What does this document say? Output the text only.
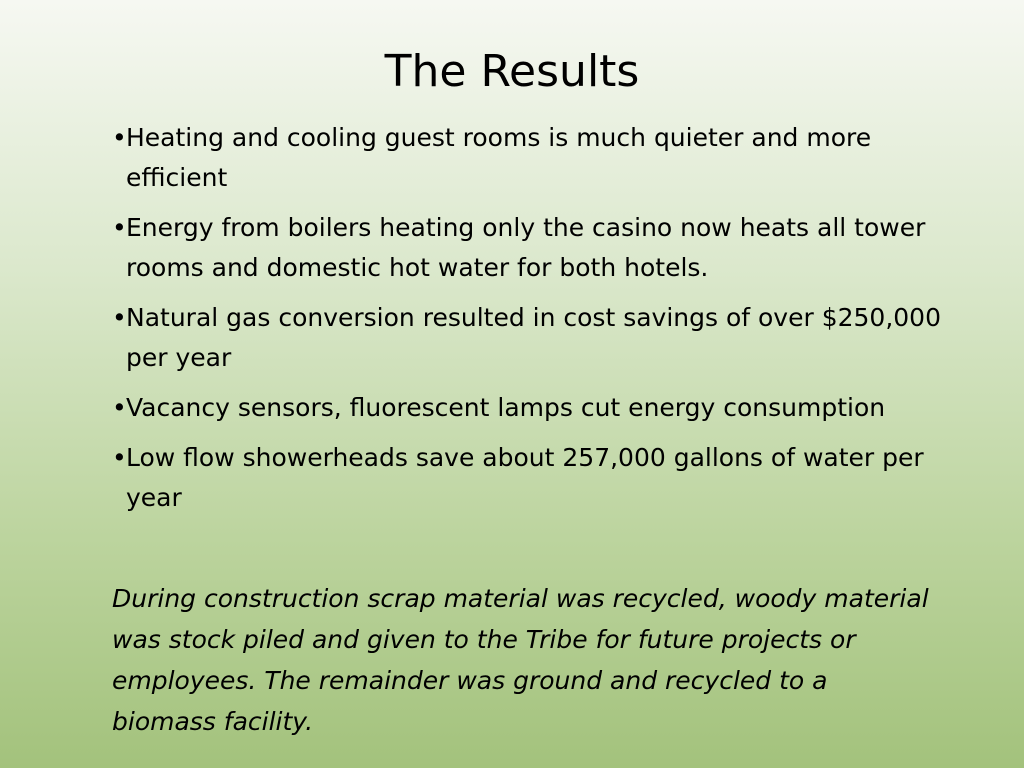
The Results
• Heating and cooling guest rooms is much quieter and more efficient
• Energy from boilers heating only the casino now heats all tower rooms and domestic hot water for both hotels.
• Natural gas conversion resulted in cost savings of over $250,000 per year
• Vacancy sensors, fluorescent lamps cut energy consumption
• Low flow showerheads save about 257,000 gallons of water per year

During construction scrap material was recycled, woody material was stock piled and given to the Tribe for future projects or employees. The remainder was ground and recycled to a biomass facility.
